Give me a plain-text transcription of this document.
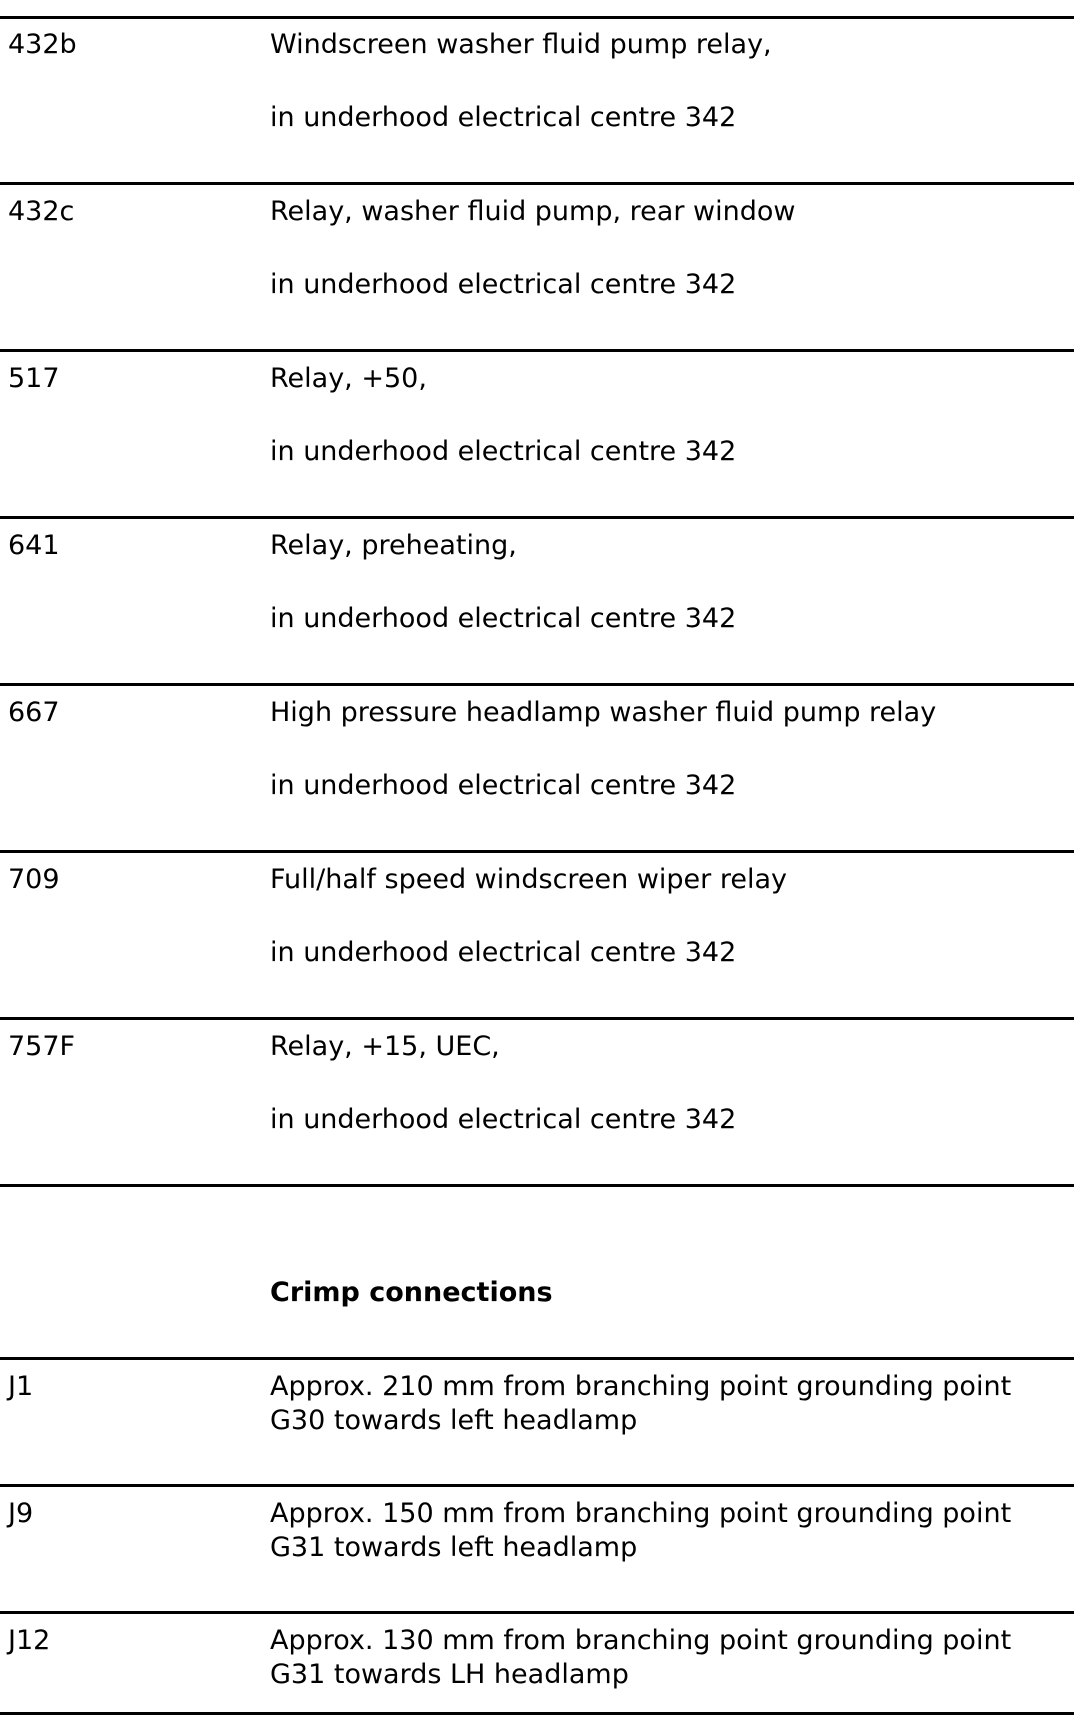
432b	Windscreen washer fluid pump relay,
in underhood electrical centre 342
432c	Relay, washer fluid pump, rear window
in underhood electrical centre 342
517	Relay, +50,
in underhood electrical centre 342
641	Relay, preheating,
in underhood electrical centre 342
667	High pressure headlamp washer fluid pump relay
in underhood electrical centre 342
709	Full/half speed windscreen wiper relay
in underhood electrical centre 342
757F	Relay, +15, UEC,
in underhood electrical centre 342
Crimp connections
J1	Approx. 210 mm from branching point grounding point
G30 towards left headlamp
J9	Approx. 150 mm from branching point grounding point
G31 towards left headlamp
J12	Approx. 130 mm from branching point grounding point
G31 towards LH headlamp
